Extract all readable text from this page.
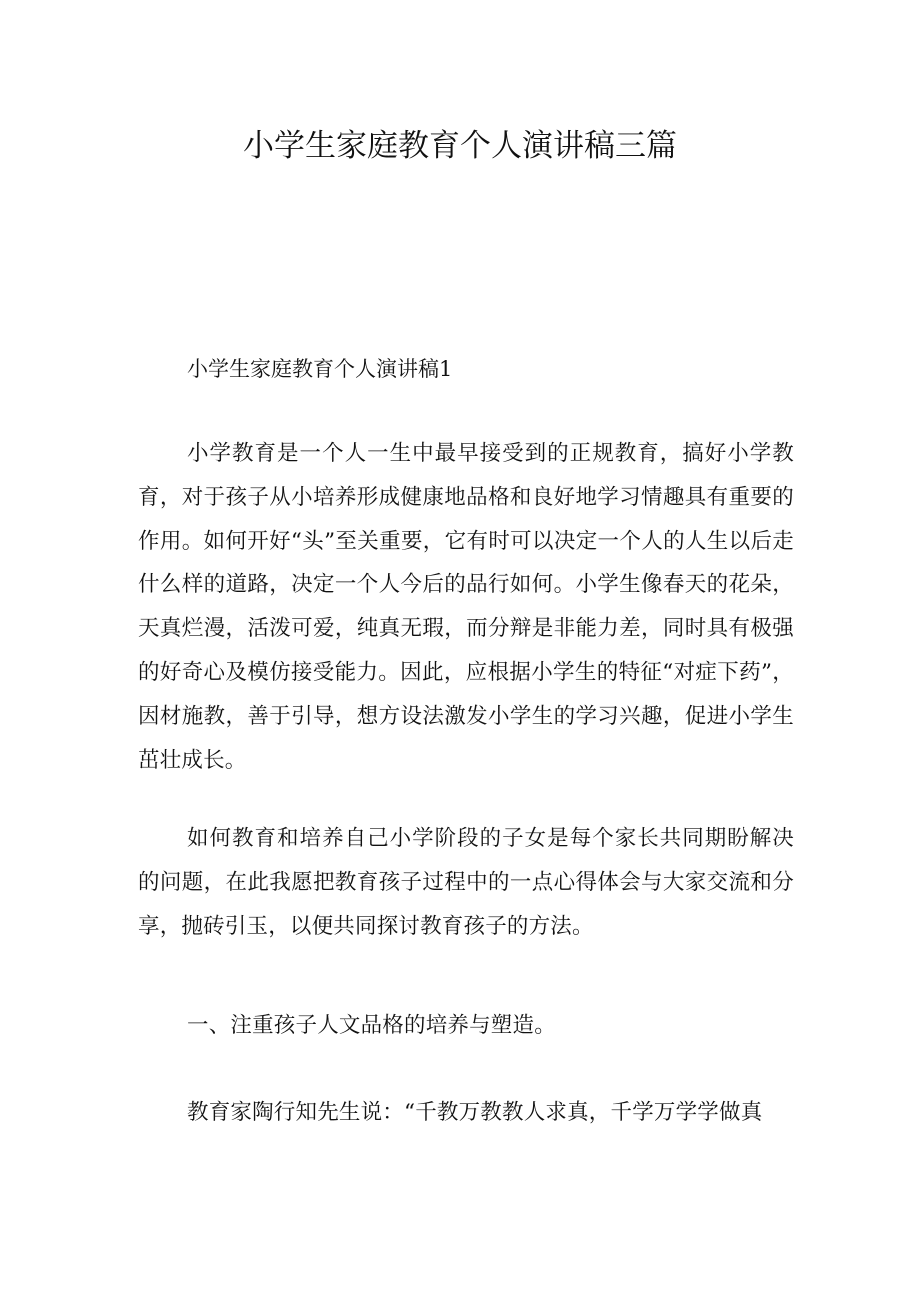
小学生家庭教育个人演讲稿三篇

小学生家庭教育个人演讲稿1

小学教育是一个人一生中最早接受到的正规教育，搞好小学教育，对于孩子从小培养形成健康地品格和良好地学习情趣具有重要的作用。如何开好“头”至关重要，它有时可以决定一个人的人生以后走什么样的道路，决定一个人今后的品行如何。小学生像春天的花朵，天真烂漫，活泼可爱，纯真无瑕，而分辩是非能力差，同时具有极强的好奇心及模仿接受能力。因此，应根据小学生的特征“对症下药”，因材施教，善于引导，想方设法激发小学生的学习兴趣，促进小学生茁壮成长。

如何教育和培养自己小学阶段的子女是每个家长共同期盼解决的问题，在此我愿把教育孩子过程中的一点心得体会与大家交流和分享，抛砖引玉，以便共同探讨教育孩子的方法。

一、注重孩子人文品格的培养与塑造。

教育家陶行知先生说：“千教万教教人求真，千学万学学做真
